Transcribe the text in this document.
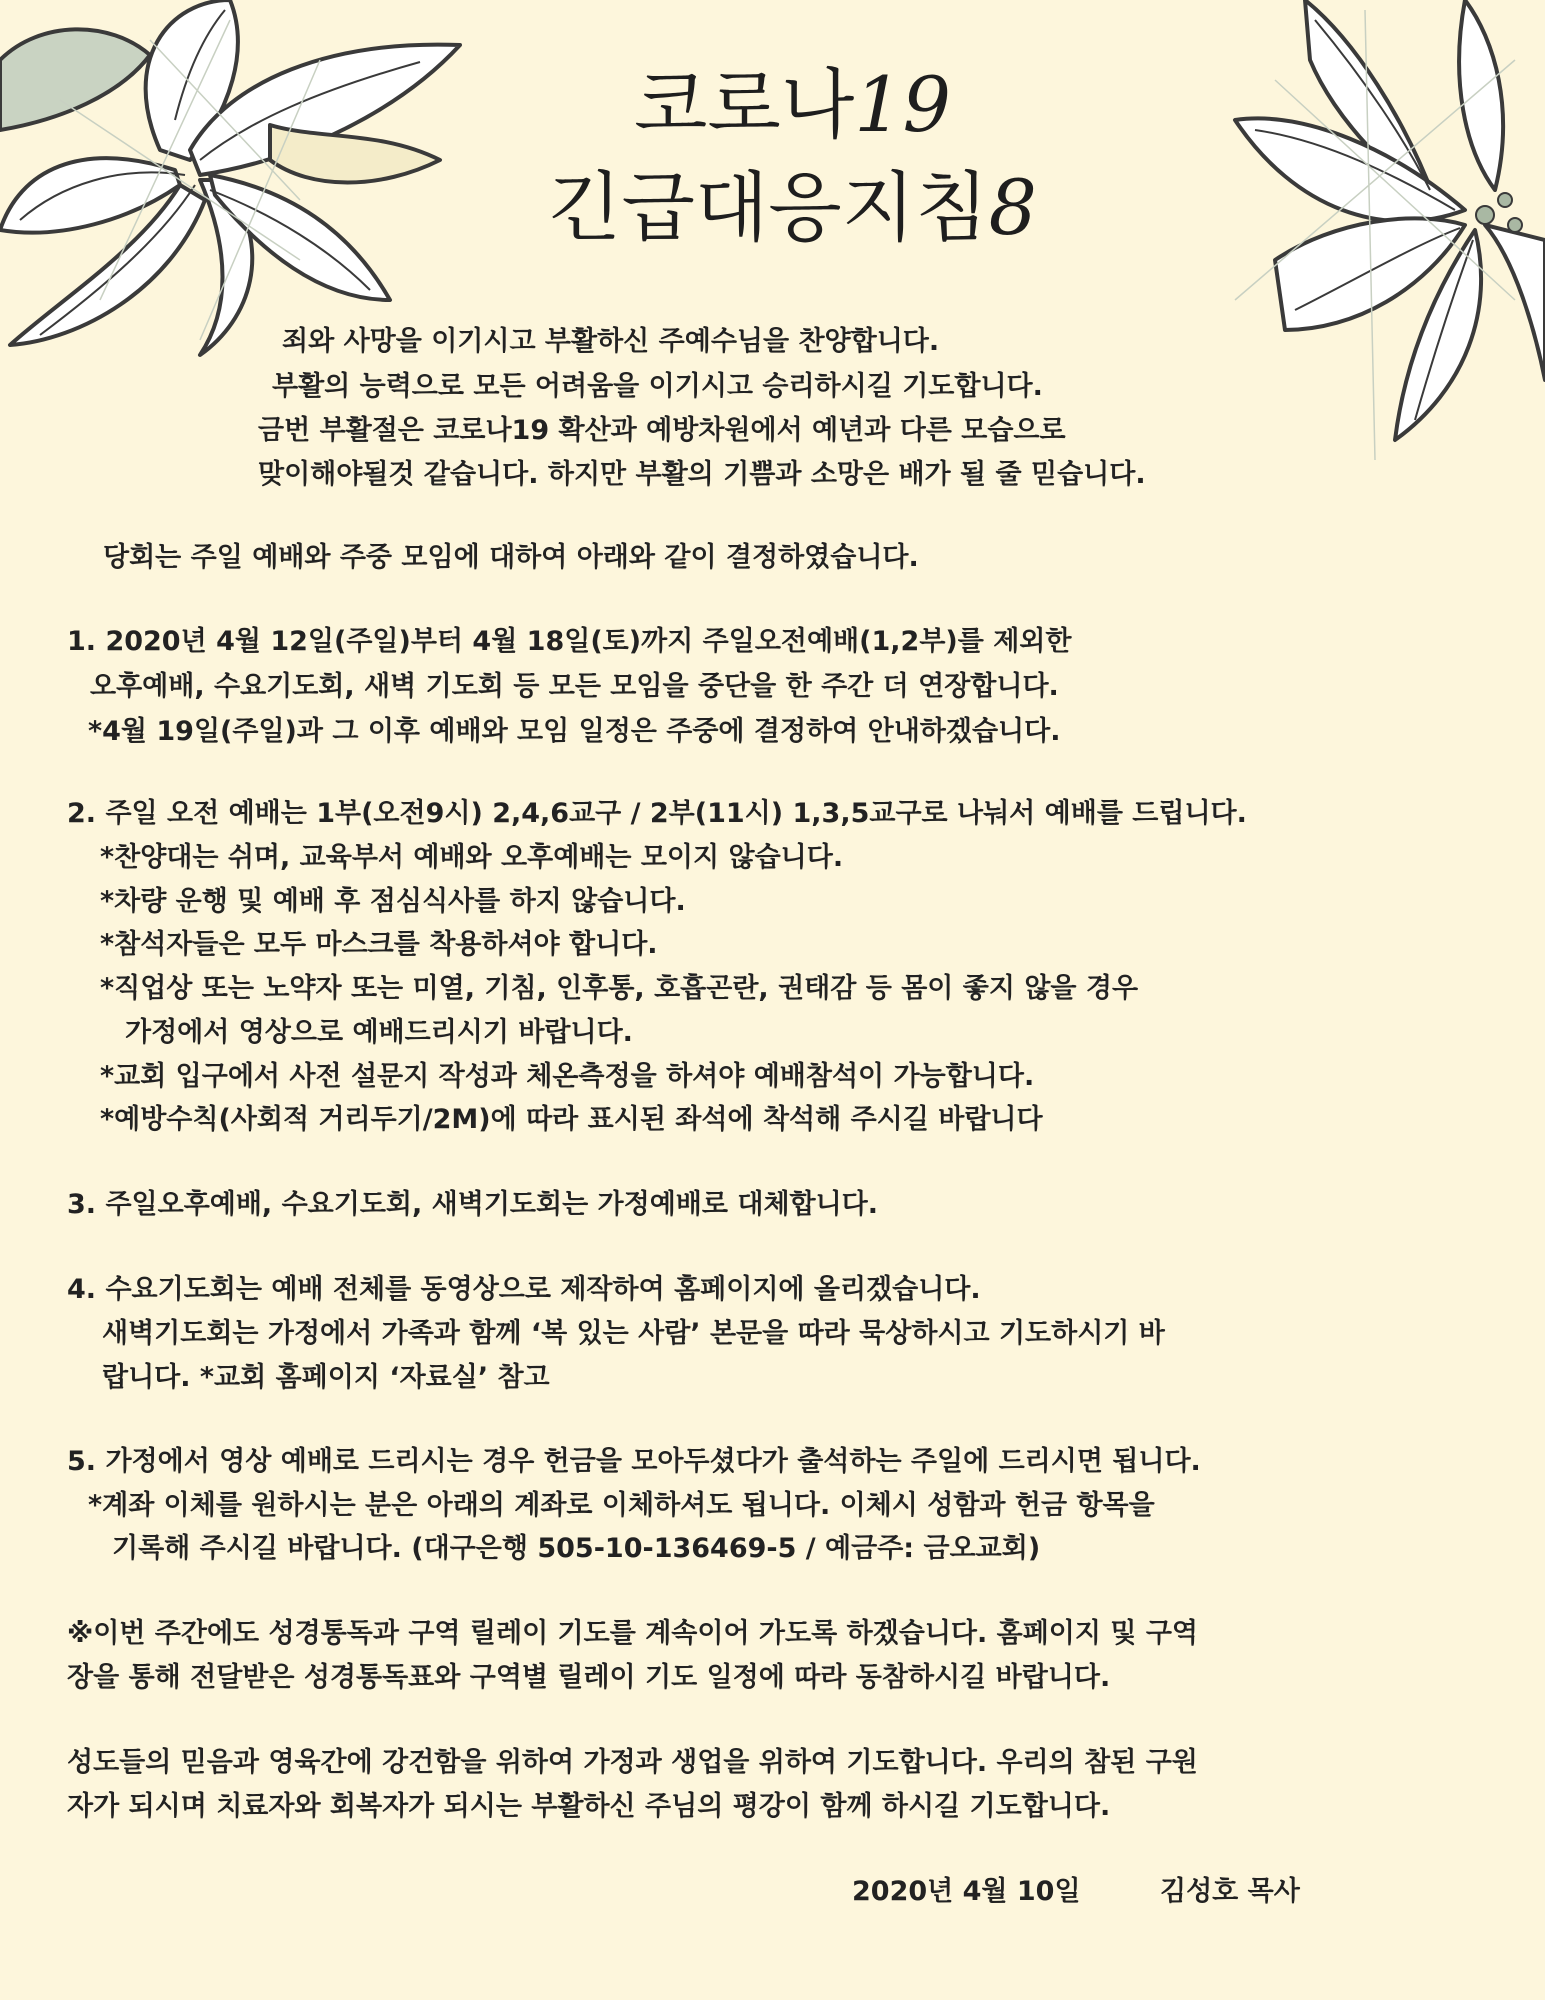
코로나19
긴급대응지침8
죄와 사망을 이기시고 부활하신 주예수님을 찬양합니다.
부활의 능력으로 모든 어려움을 이기시고 승리하시길 기도합니다.
금번 부활절은 코로나19 확산과 예방차원에서 예년과 다른 모습으로
맞이해야될것 같습니다. 하지만 부활의 기쁨과 소망은 배가 될 줄 믿습니다.
당회는 주일 예배와 주중 모임에 대하여 아래와 같이 결정하였습니다.
1. 2020년 4월 12일(주일)부터 4월 18일(토)까지 주일오전예배(1,2부)를 제외한
오후예배, 수요기도회, 새벽 기도회 등 모든 모임을 중단을 한 주간 더 연장합니다.
*4월 19일(주일)과 그 이후 예배와 모임 일정은 주중에 결정하여 안내하겠습니다.
2. 주일 오전 예배는 1부(오전9시) 2,4,6교구 / 2부(11시) 1,3,5교구로 나눠서 예배를 드립니다.
*찬양대는 쉬며, 교육부서 예배와 오후예배는 모이지 않습니다.
*차량 운행 및 예배 후 점심식사를 하지 않습니다.
*참석자들은 모두 마스크를 착용하셔야 합니다.
*직업상 또는 노약자 또는 미열, 기침, 인후통, 호흡곤란, 권태감 등 몸이 좋지 않을 경우
가정에서 영상으로 예배드리시기 바랍니다.
*교회 입구에서 사전 설문지 작성과 체온측정을 하셔야 예배참석이 가능합니다.
*예방수칙(사회적 거리두기/2M)에 따라 표시된 좌석에 착석해 주시길 바랍니다
3. 주일오후예배, 수요기도회, 새벽기도회는 가정예배로 대체합니다.
4. 수요기도회는 예배 전체를 동영상으로 제작하여 홈페이지에 올리겠습니다.
새벽기도회는 가정에서 가족과 함께 ‘복 있는 사람’ 본문을 따라 묵상하시고 기도하시기 바
랍니다. *교회 홈페이지 ‘자료실’ 참고
5. 가정에서 영상 예배로 드리시는 경우 헌금을 모아두셨다가 출석하는 주일에 드리시면 됩니다.
*계좌 이체를 원하시는 분은 아래의 계좌로 이체하셔도 됩니다. 이체시 성함과 헌금 항목을
기록해 주시길 바랍니다. (대구은행 505-10-136469-5 / 예금주: 금오교회)
※이번 주간에도 성경통독과 구역 릴레이 기도를 계속이어 가도록 하겠습니다. 홈페이지 및 구역
장을 통해 전달받은 성경통독표와 구역별 릴레이 기도 일정에 따라 동참하시길 바랍니다.
성도들의 믿음과 영육간에 강건함을 위하여 가정과 생업을 위하여 기도합니다. 우리의 참된 구원
자가 되시며 치료자와 회복자가 되시는 부활하신 주님의 평강이 함께 하시길 기도합니다.
2020년 4월 10일	김성호 목사
